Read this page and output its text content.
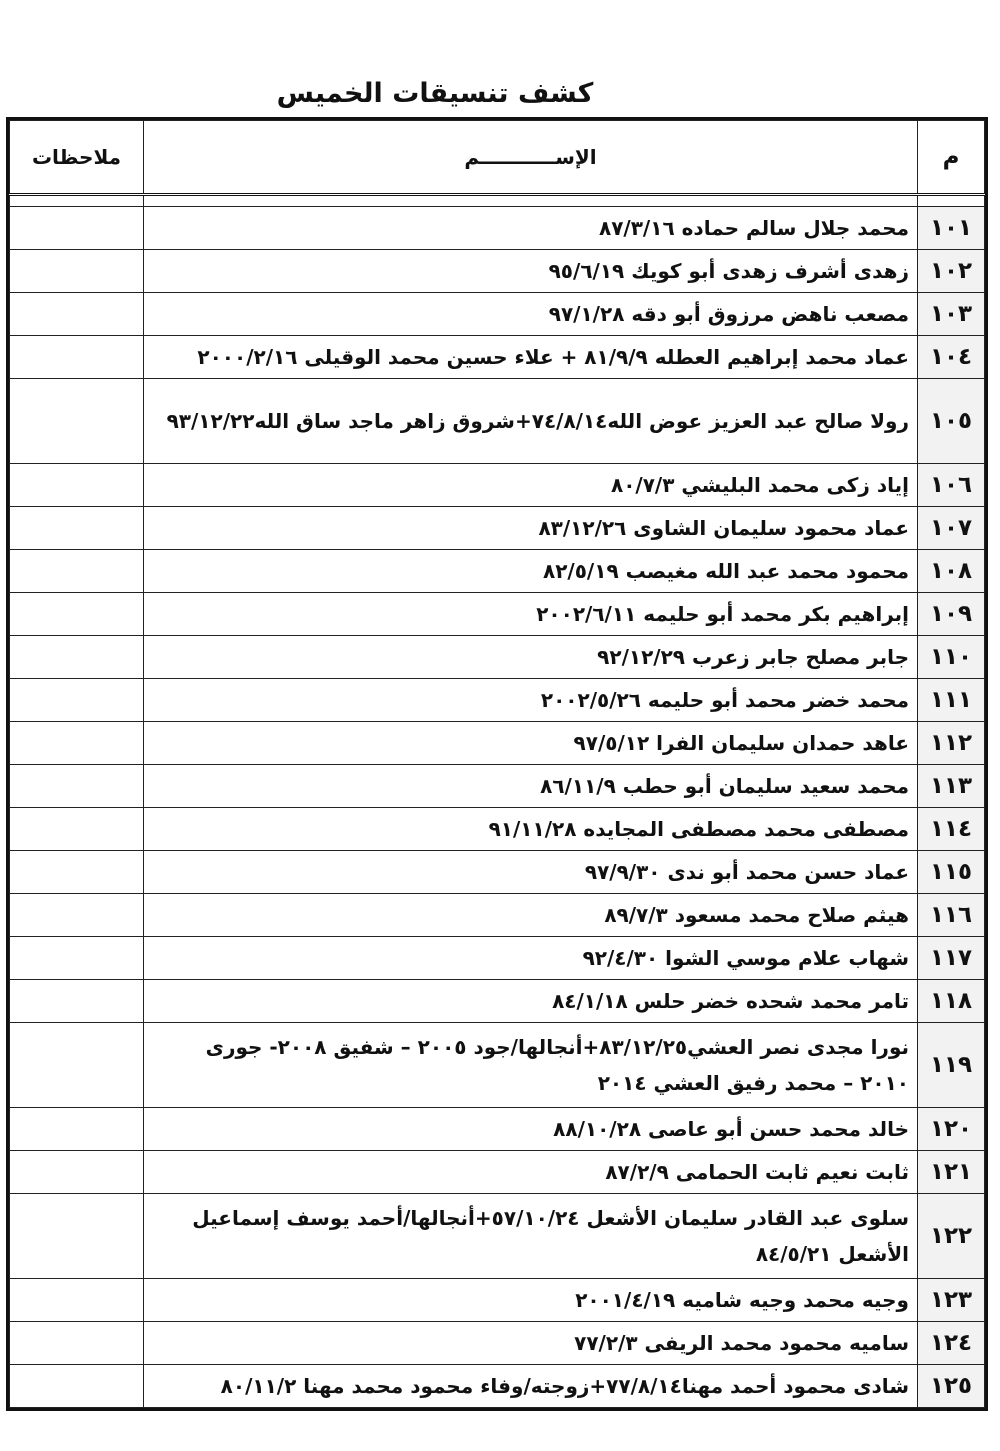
كشف تنسيقات الخميس
م	الإســـــــــــم	ملاحظات

١٠١	محمد جلال سالم حماده ٨٧/٣/١٦	
١٠٢	زهدى أشرف زهدى أبو كويك ٩٥/٦/١٩	
١٠٣	مصعب ناهض مرزوق أبو دقه ٩٧/١/٢٨	
١٠٤	عماد محمد إبراهيم العطله ٨١/٩/٩ + علاء حسين محمد الوقيلى ٢٠٠٠/٢/١٦	
١٠٥	رولا صالح عبد العزيز عوض الله٧٤/٨/١٤+شروق زاهر ماجد ساق الله٩٣/١٢/٢٢	
١٠٦	إياد زكى محمد البليشي ٨٠/٧/٣	
١٠٧	عماد محمود سليمان الشاوى ٨٣/١٢/٢٦	
١٠٨	محمود محمد عبد الله مغيصب ٨٢/٥/١٩	
١٠٩	إبراهيم بكر محمد أبو حليمه ٢٠٠٢/٦/١١	
١١٠	جابر مصلح جابر زعرب ٩٢/١٢/٢٩	
١١١	محمد خضر محمد أبو حليمه ٢٠٠٢/٥/٢٦	
١١٢	عاهد حمدان سليمان الفرا ٩٧/٥/١٢	
١١٣	محمد سعيد سليمان أبو حطب ٨٦/١١/٩	
١١٤	مصطفى محمد مصطفى المجايده ٩١/١١/٢٨	
١١٥	عماد حسن محمد أبو ندى ٩٧/٩/٣٠	
١١٦	هيثم صلاح محمد مسعود ٨٩/٧/٣	
١١٧	شهاب علام موسي الشوا ٩٢/٤/٣٠	
١١٨	تامر محمد شحده خضر حلس ٨٤/١/١٨	
١١٩	نورا مجدى نصر العشي٨٣/١٢/٢٥+أنجالها/جود ٢٠٠٥ – شفيق ٢٠٠٨- جورى ٢٠١٠ – محمد رفيق العشي ٢٠١٤	
١٢٠	خالد محمد حسن أبو عاصى ٨٨/١٠/٢٨	
١٢١	ثابت نعيم ثابت الحمامى ٨٧/٢/٩	
١٢٢	سلوى عبد القادر سليمان الأشعل ٥٧/١٠/٢٤+أنجالها/أحمد يوسف إسماعيل الأشعل ٨٤/٥/٢١	
١٢٣	وجيه محمد وجيه شاميه ٢٠٠١/٤/١٩	
١٢٤	ساميه محمود محمد الريفى ٧٧/٢/٣	
١٢٥	شادى محمود أحمد مهنا٧٧/٨/١٤+زوجته/وفاء محمود محمد مهنا ٨٠/١١/٢	
